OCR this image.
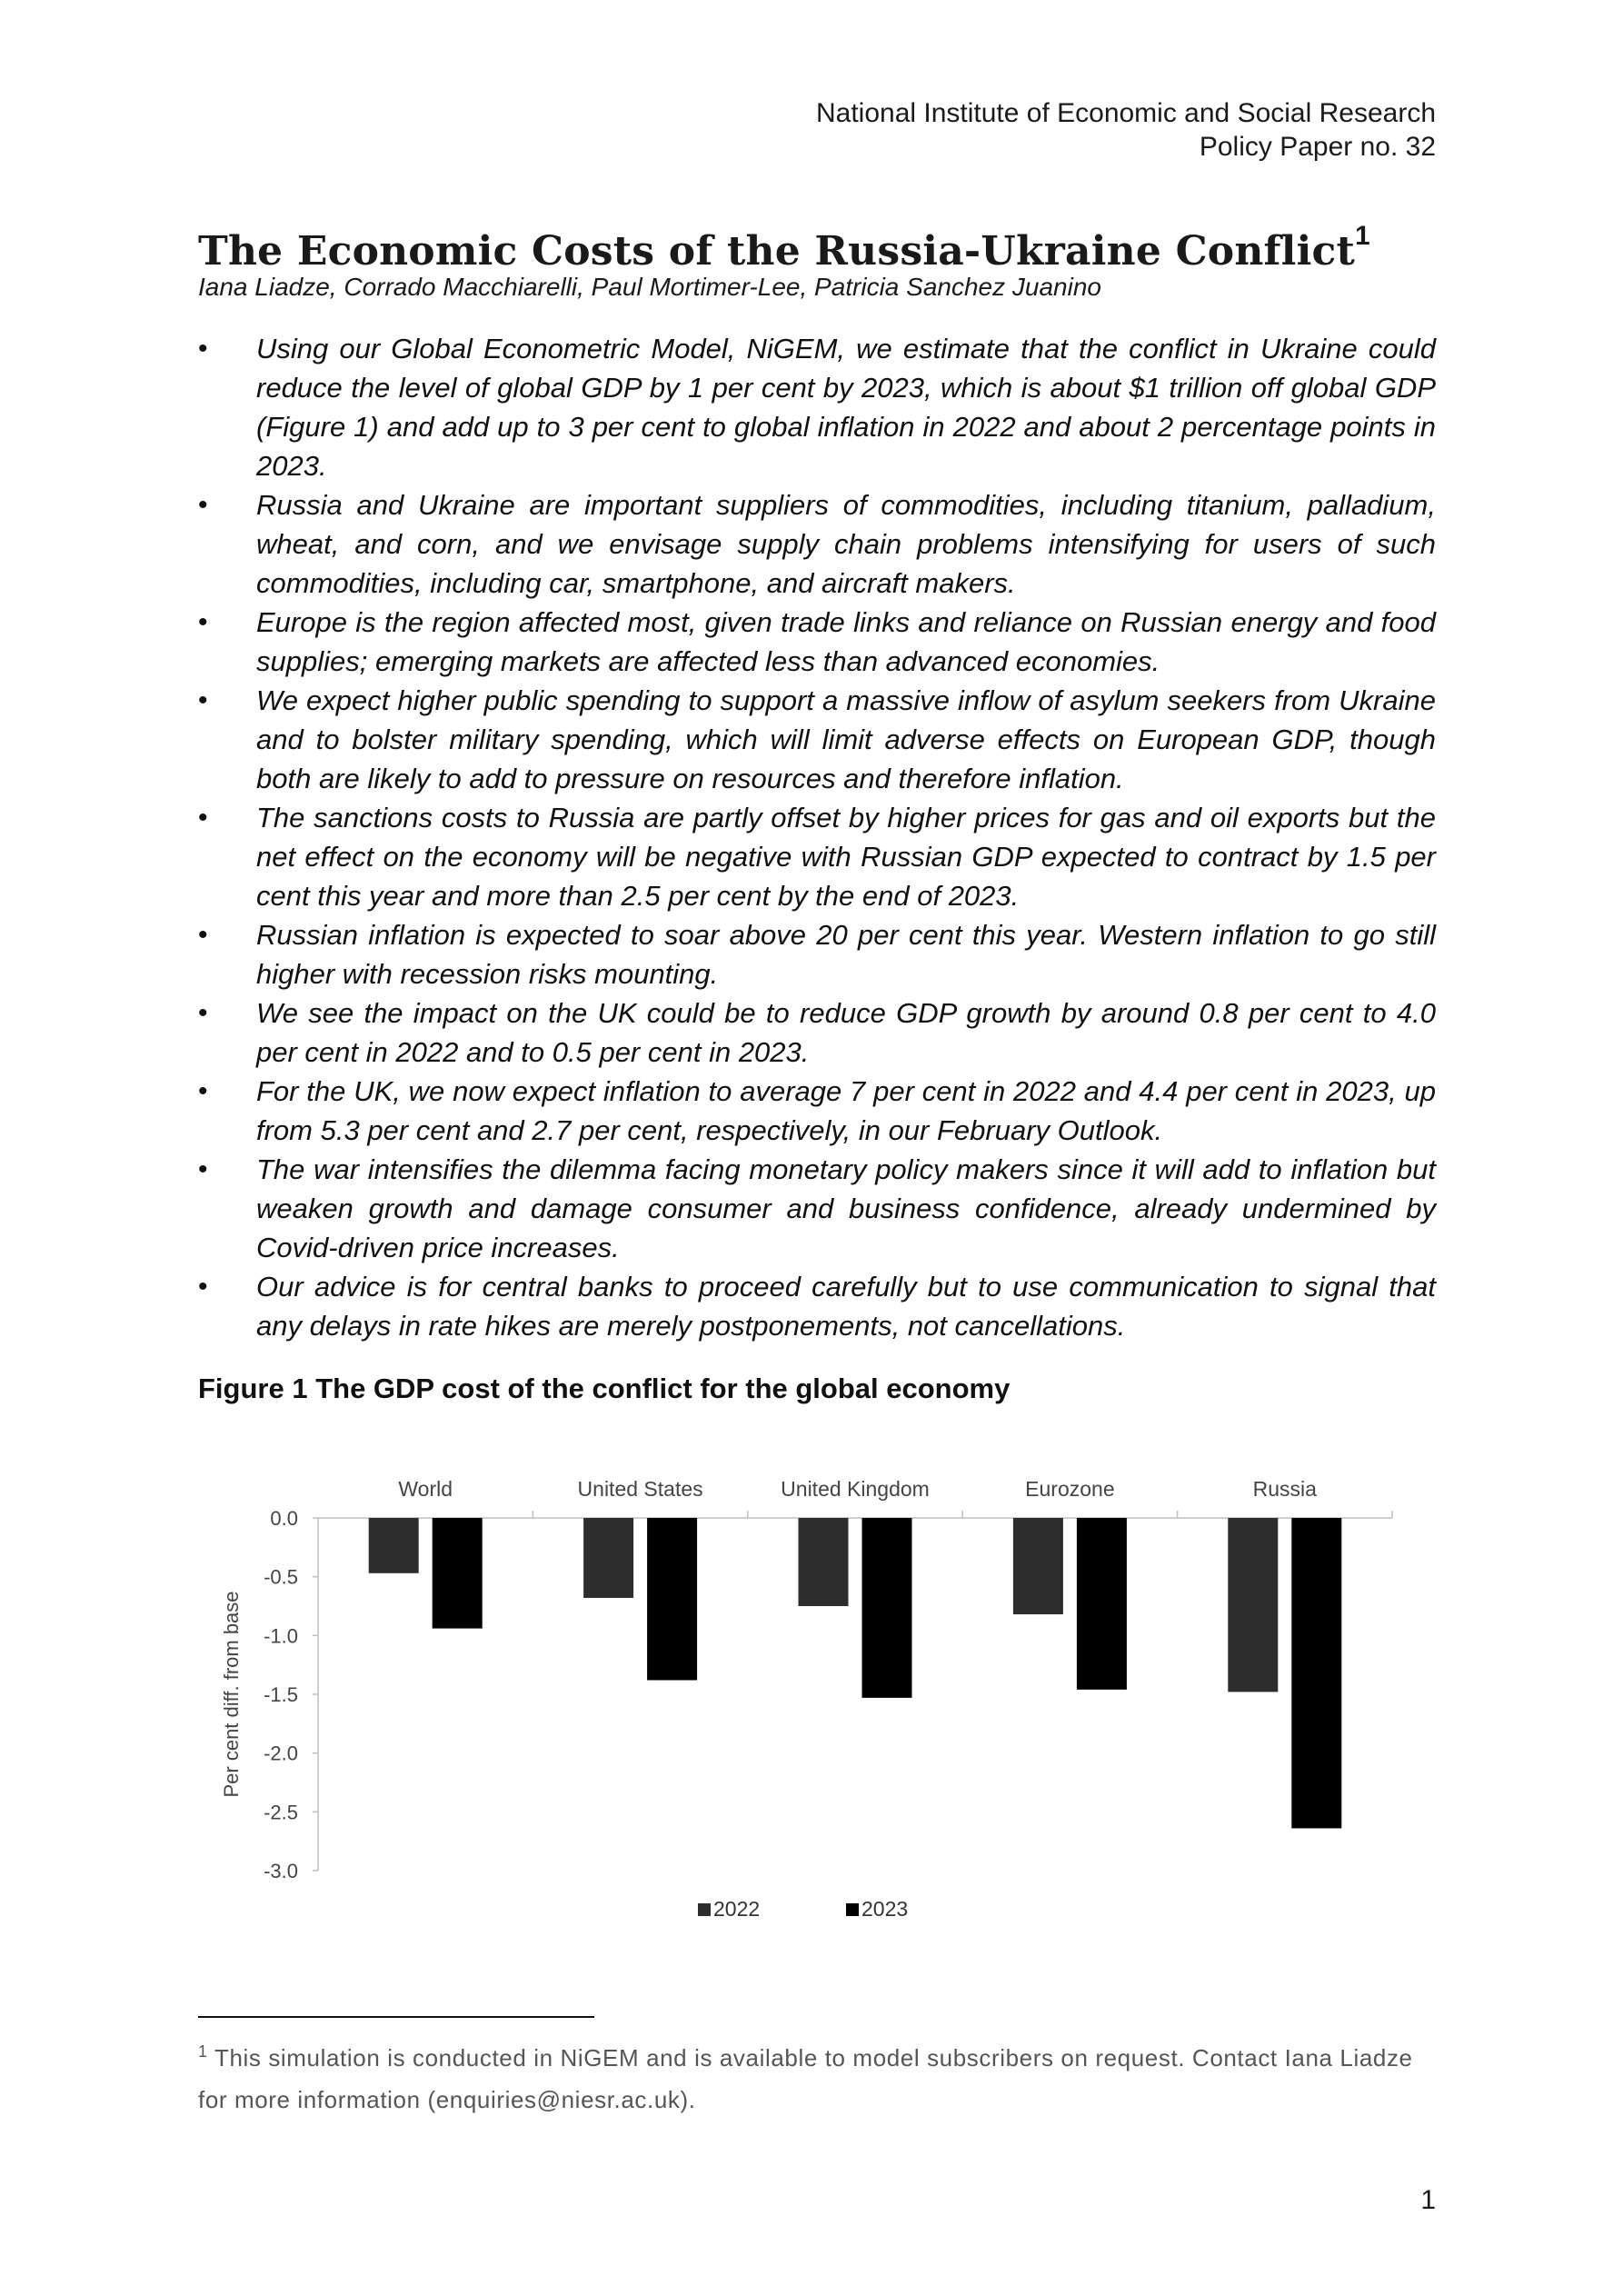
National Institute of Economic and Social Research
Policy Paper no. 32
The Economic Costs of the Russia-Ukraine Conflict$^1$
Iana Liadze, Corrado Macchiarelli, Paul Mortimer-Lee, Patricia Sanchez Juanino
• Using our Global Econometric Model, NiGEM, we estimate that the conflict in Ukraine could reduce the level of global GDP by 1 per cent by 2023, which is about $1 trillion off global GDP (Figure 1) and add up to 3 per cent to global inflation in 2022 and about 2 percentage points in 2023.
• Russia and Ukraine are important suppliers of commodities, including titanium, palladium, wheat, and corn, and we envisage supply chain problems intensifying for users of such commodities, including car, smartphone, and aircraft makers.
• Europe is the region affected most, given trade links and reliance on Russian energy and food supplies; emerging markets are affected less than advanced economies.
• We expect higher public spending to support a massive inflow of asylum seekers from Ukraine and to bolster military spending, which will limit adverse effects on European GDP, though both are likely to add to pressure on resources and therefore inflation.
• The sanctions costs to Russia are partly offset by higher prices for gas and oil exports but the net effect on the economy will be negative with Russian GDP expected to contract by 1.5 per cent this year and more than 2.5 per cent by the end of 2023.
• Russian inflation is expected to soar above 20 per cent this year. Western inflation to go still higher with recession risks mounting.
• We see the impact on the UK could be to reduce GDP growth by around 0.8 per cent to 4.0 per cent in 2022 and to 0.5 per cent in 2023.
• For the UK, we now expect inflation to average 7 per cent in 2022 and 4.4 per cent in 2023, up from 5.3 per cent and 2.7 per cent, respectively, in our February Outlook.
• The war intensifies the dilemma facing monetary policy makers since it will add to inflation but weaken growth and damage consumer and business confidence, already undermined by Covid-driven price increases.
• Our advice is for central banks to proceed carefully but to use communication to signal that any delays in rate hikes are merely postponements, not cancellations.
Figure 1 The GDP cost of the conflict for the global economy
0.0
-0.5
-1.0
-1.5
-2.0
-2.5
-3.0
Per cent diff. from base
World	United States	United Kingdom	Eurozone	Russia
2022	2023
$^1$ This simulation is conducted in NiGEM and is available to model subscribers on request. Contact Iana Liadze for more information (enquiries@niesr.ac.uk).
1
